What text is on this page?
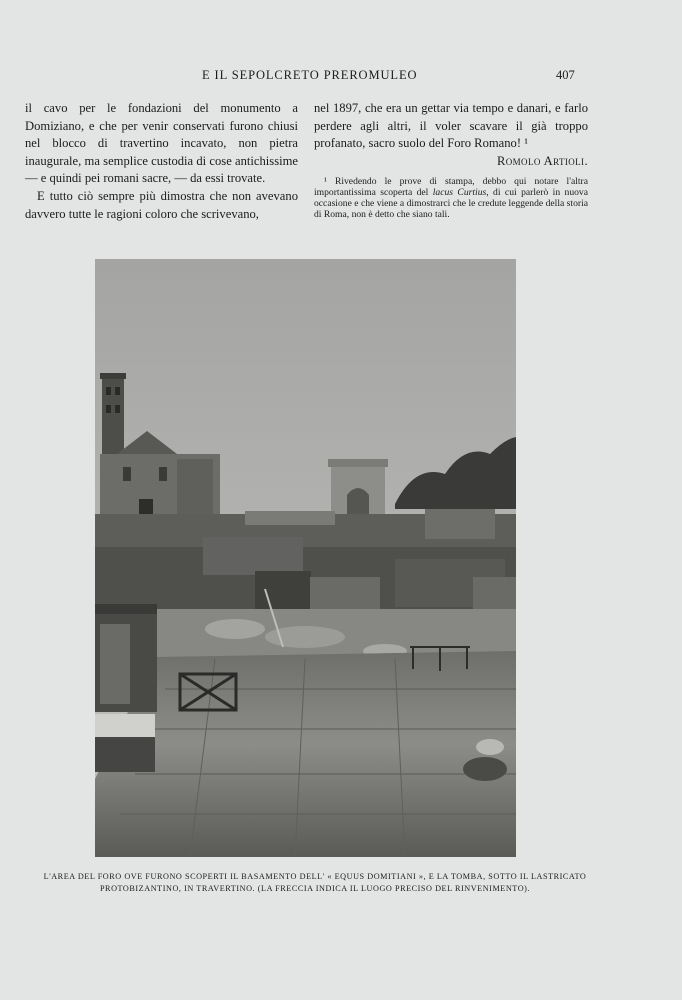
E IL SEPOLCRETO PREROMULEO	407

il cavo per le fondazioni del monumento a Domiziano, e che per venir conservati furono chiusi nel blocco di travertino incavato, non pietra inaugurale, ma semplice custodia di cose antichissime — e quindi pei romani sacre, — da essi trovate.

E tutto ciò sempre più dimostra che non avevano davvero tutte le ragioni coloro che scrivevano,

nel 1897, che era un gettar via tempo e danari, e farlo perdere agli altri, il voler scavare il già troppo profanato, sacro suolo del Foro Romano! ¹

Romolo Artioli.
¹ Rivedendo le prove di stampa, debbo qui notare l'altra importantissima scoperta del lacus Curtius, di cui parlerò in nuova occasione e che viene a dimostrarci che le credute leggende della storia di Roma, non è detto che siano tali.
L'AREA DEL FORO OVE FURONO SCOPERTI IL BASAMENTO DELL' « EQUUS DOMITIANI », E LA TOMBA, SOTTO IL LASTRICATO
PROTOBIZANTINO, IN TRAVERTINO. (LA FRECCIA INDICA IL LUOGO PRECISO DEL RINVENIMENTO).
